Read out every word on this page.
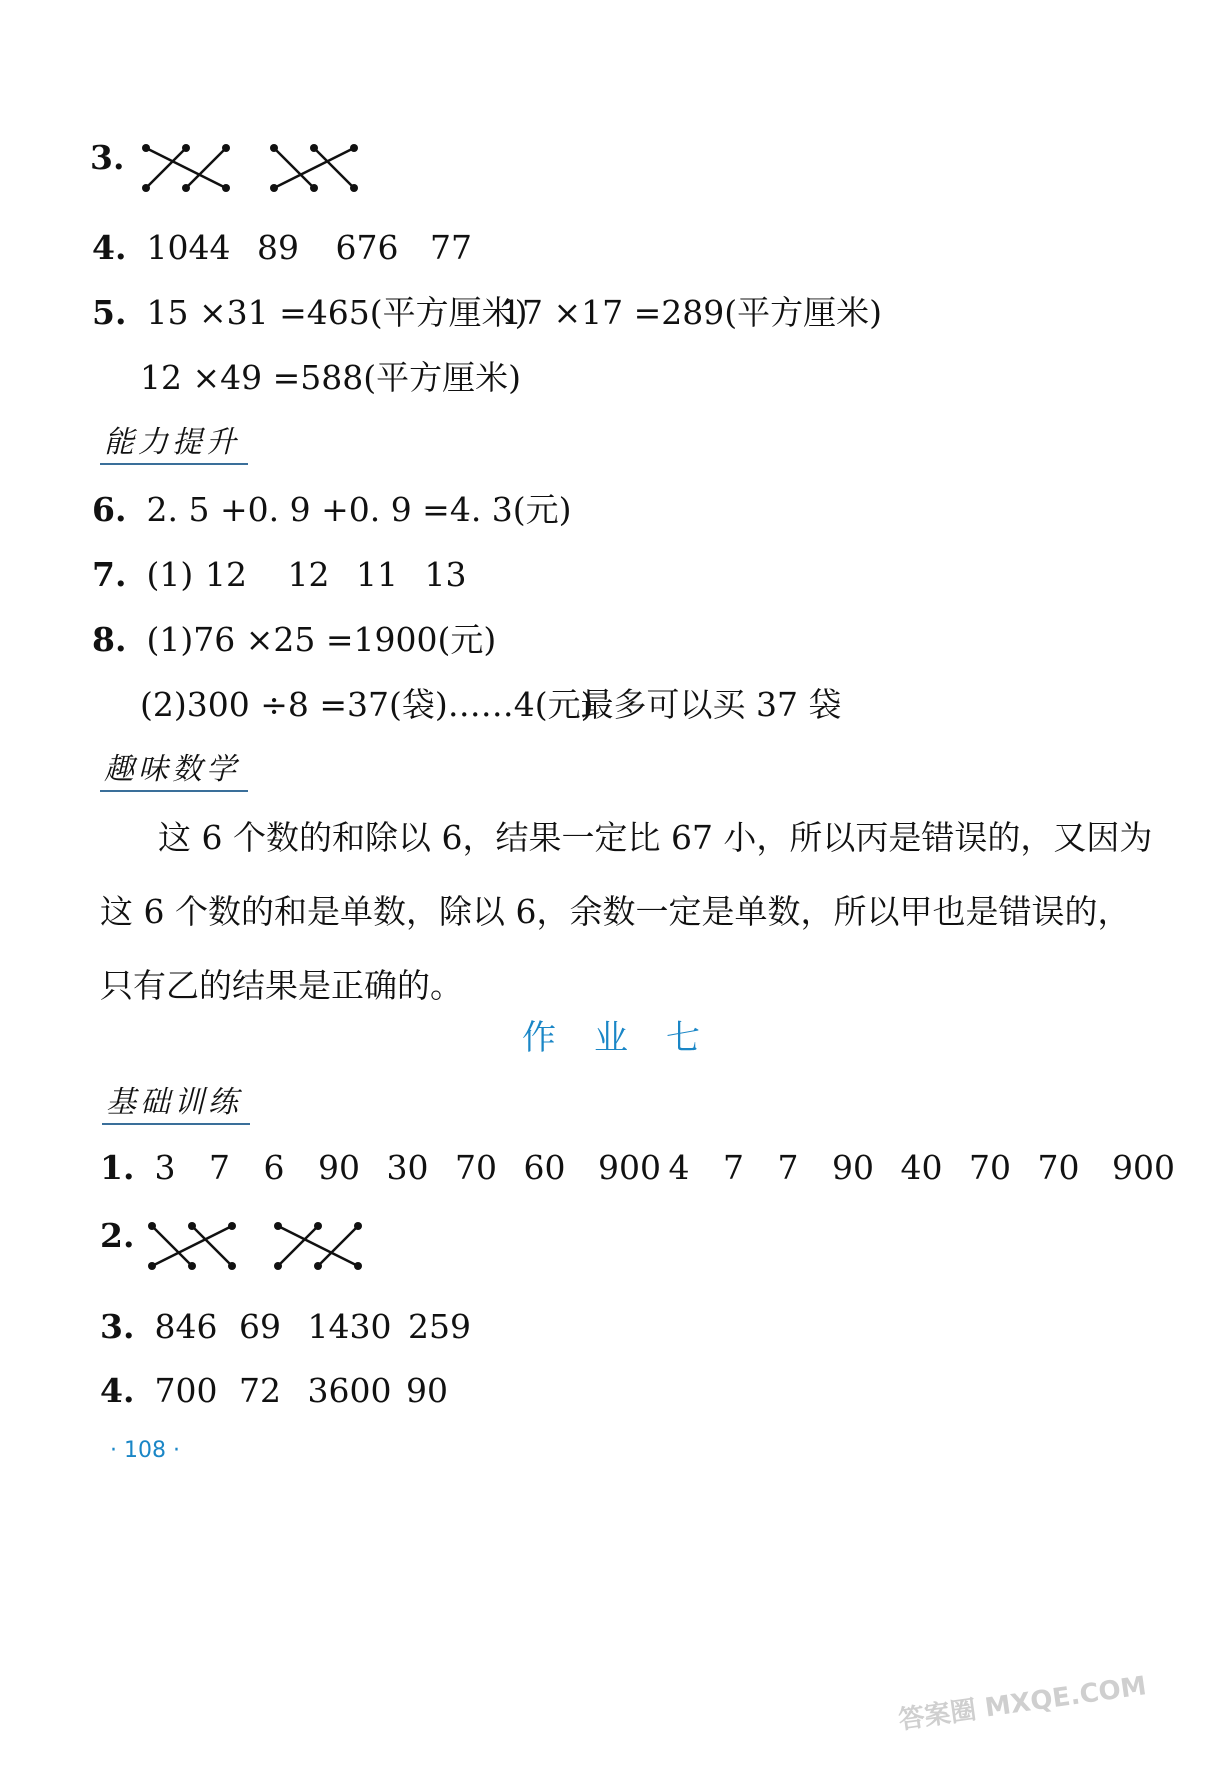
3.
4. 1044 89 676 77
5. 15 ×31 =465(平方厘米) 17 ×17 =289(平方厘米)
12 ×49 =588(平方厘米)
能力提升
6. 2. 5 +0. 9 +0. 9 =4. 3(元)
7. (1) 12 12 11 13
8. (1)76 ×25 =1900(元)
(2)300 ÷8 =37(袋)……4(元) 最多可以买 37 袋
趣味数学
这 6 个数的和除以 6，结果一定比 67 小，所以丙是错误的，又因为这 6 个数的和是单数，除以 6，余数一定是单数，所以甲也是错误的，只有乙的结果是正确的。
作业七
基础训练
1. 3 7 6 90 30 70 60 900 4 7 7 90 40 70 70 900
2.
3. 846 69 1430 259
4. 700 72 3600 90
· 108 ·
答案圈 MXQE.COM
